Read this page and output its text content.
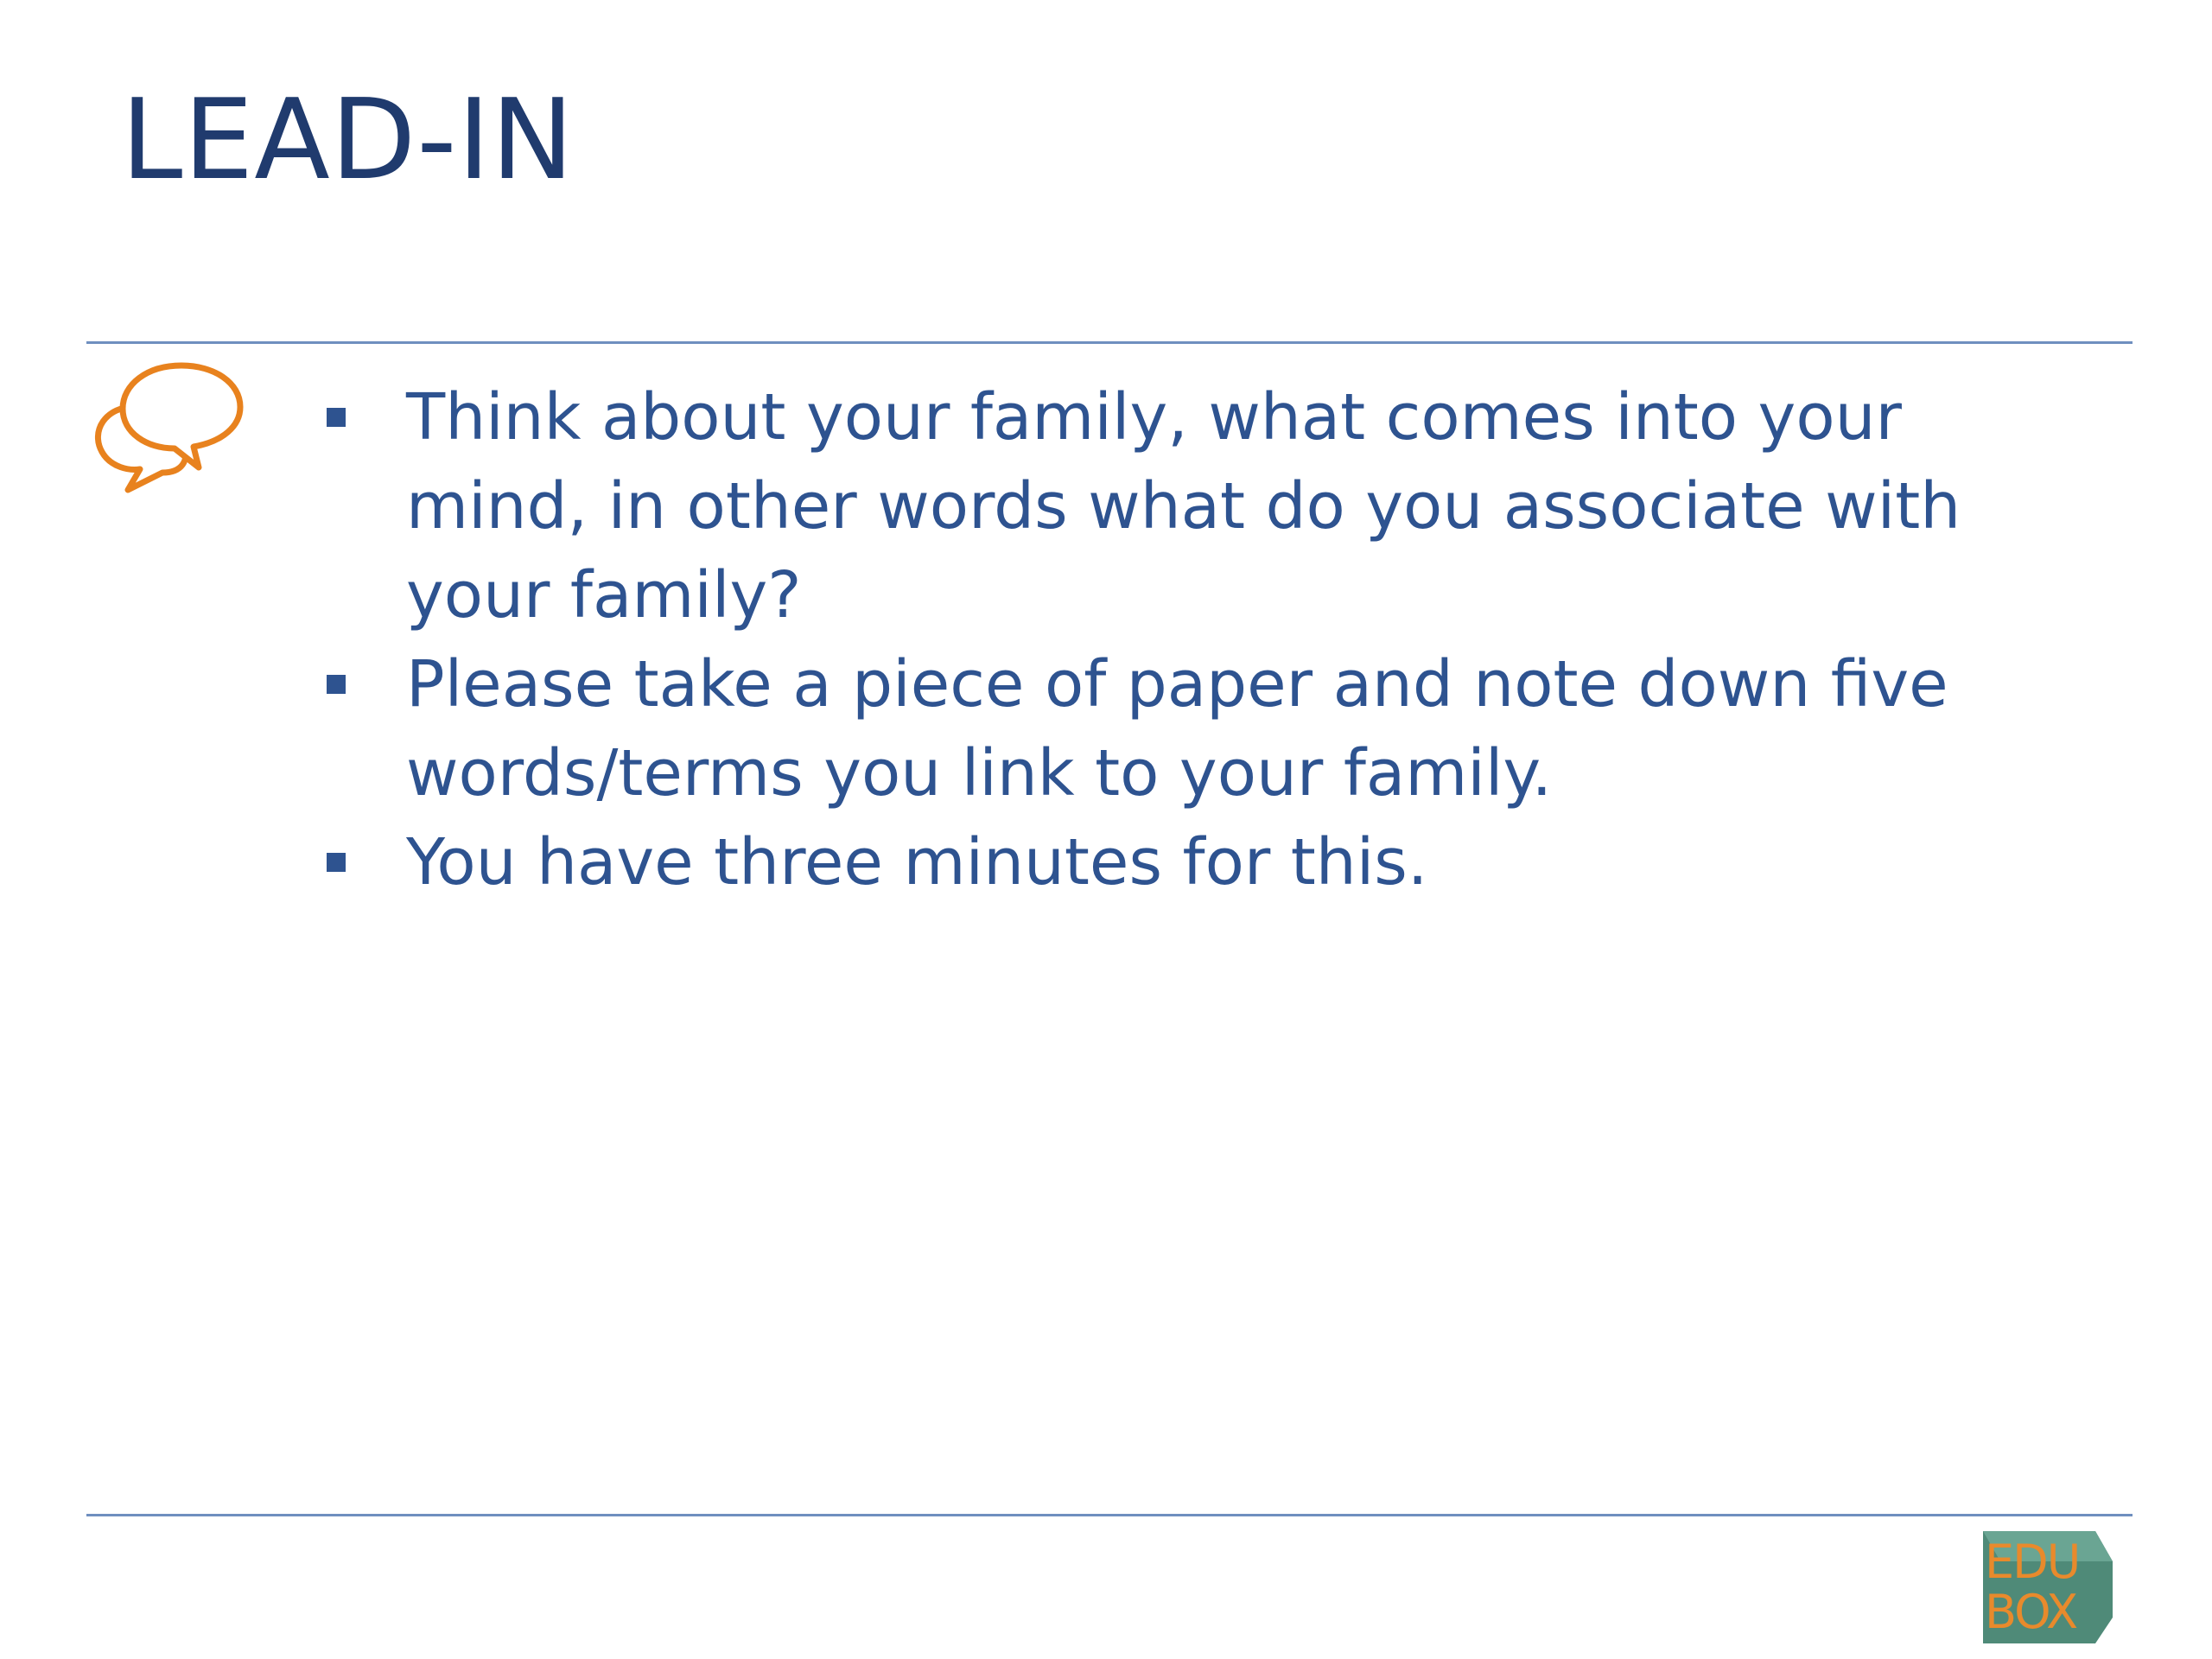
LEAD-IN
Think about your family, what comes into your mind, in other words what do you associate with your family?
Please take a piece of paper and note down five words/terms you link to your family.
You have three minutes for this.
EDU
BOX
